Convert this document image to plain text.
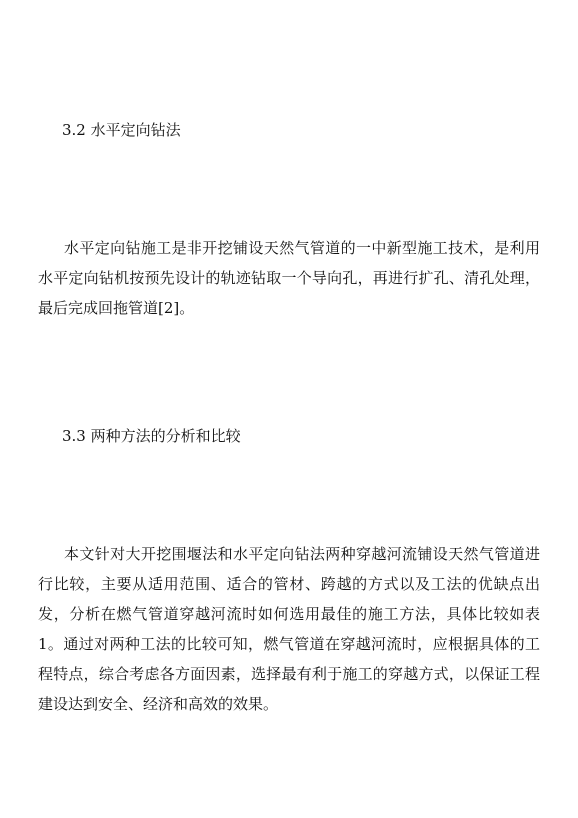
3.2 水平定向钻法
水平定向钻施工是非开挖铺设天然气管道的一中新型施工技术，是利用水平定向钻机按预先设计的轨迹钻取一个导向孔，再进行扩孔、清孔处理，最后完成回拖管道[2]。
3.3 两种方法的分析和比较
本文针对大开挖围堰法和水平定向钻法两种穿越河流铺设天然气管道进行比较，主要从适用范围、适合的管材、跨越的方式以及工法的优缺点出发，分析在燃气管道穿越河流时如何选用最佳的施工方法，具体比较如表 1。通过对两种工法的比较可知，燃气管道在穿越河流时，应根据具体的工程特点，综合考虑各方面因素，选择最有利于施工的穿越方式，以保证工程建设达到安全、经济和高效的效果。
